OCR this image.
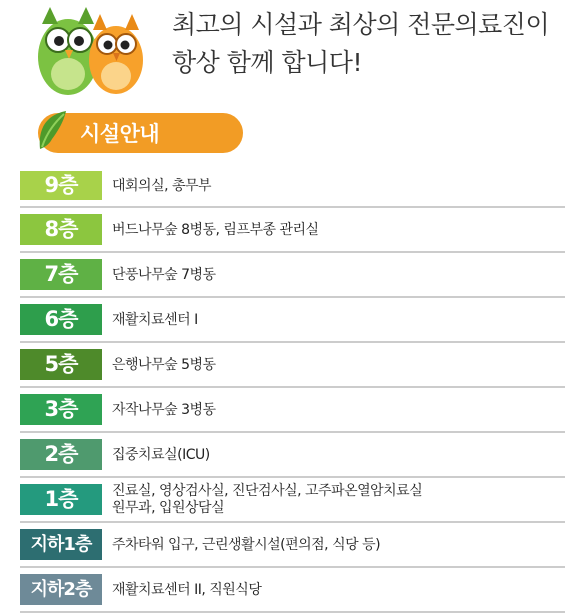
최고의 시설과 최상의 전문의료진이
항상 함께 합니다!
시설안내
9층	대회의실, 총무부
8층	버드나무숲 8병동, 림프부종 관리실
7층	단풍나무숲 7병동
6층	재활치료센터 I
5층	은행나무숲 5병동
3층	자작나무숲 3병동
2층	집중치료실(ICU)
1층	진료실, 영상검사실, 진단검사실, 고주파온열암치료실
원무과, 입원상담실
지하1층	주차타워 입구, 근린생활시설(편의점, 식당 등)
지하2층	재활치료센터 II, 직원식당
